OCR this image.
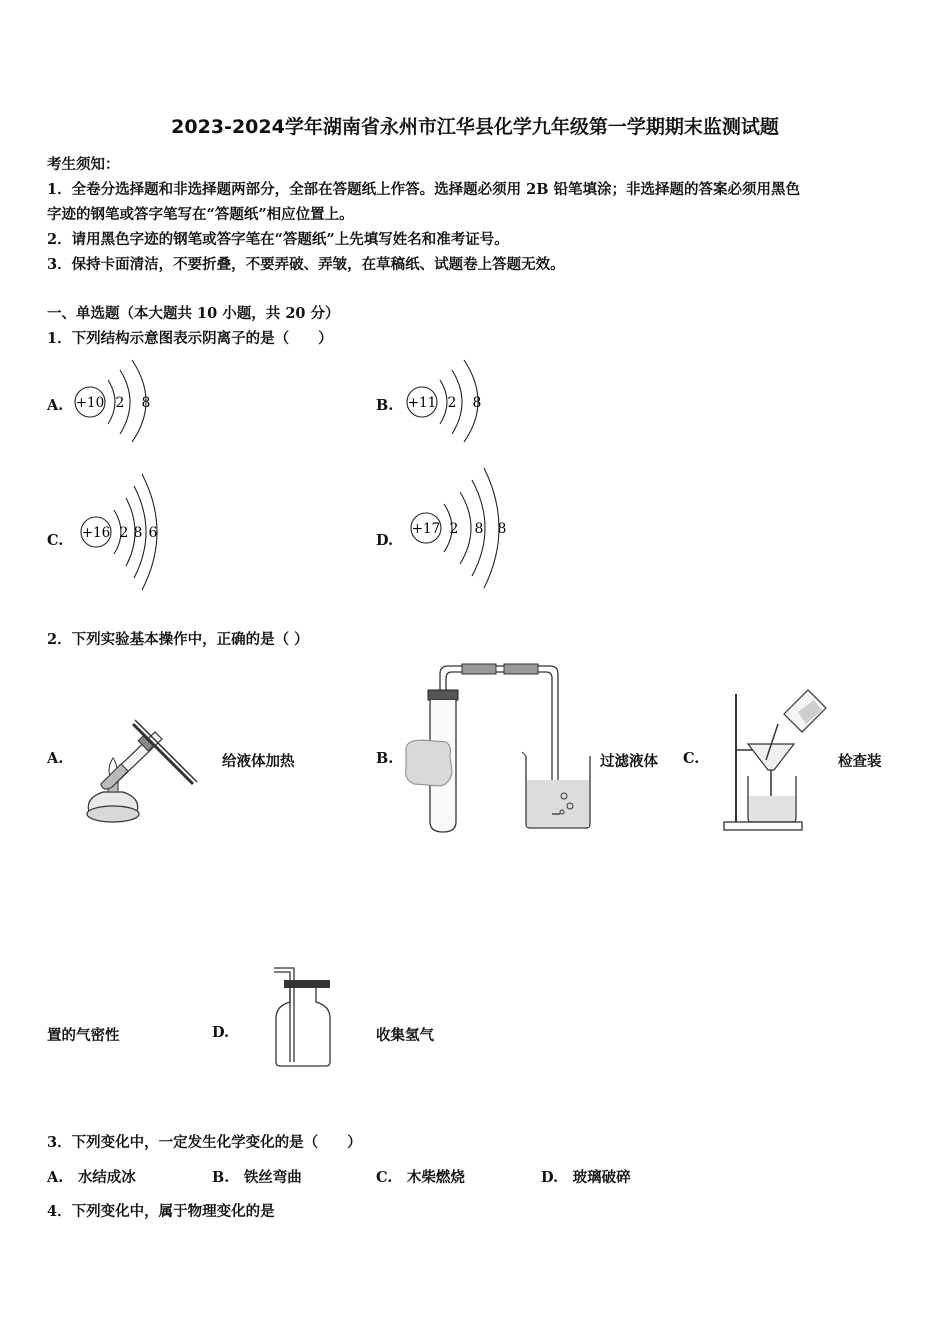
2023-2024学年湖南省永州市江华县化学九年级第一学期期末监测试题
考生须知：
1．全卷分选择题和非选择题两部分，全部在答题纸上作答。选择题必须用 2B 铅笔填涂；非选择题的答案必须用黑色
字迹的钢笔或答字笔写在“答题纸”相应位置上。
2．请用黑色字迹的钢笔或答字笔在“答题纸”上先填写姓名和准考证号。
3．保持卡面清洁，不要折叠，不要弄破、弄皱，在草稿纸、试题卷上答题无效。
一、单选题（本大题共 10 小题，共 20 分）
1．下列结构示意图表示阴离子的是（　　）
A. +10 2 8	B. +11 2 8
C. +16 2 8 6	D.
+17 2 8 8
2．下列实验基本操作中，正确的是（ ）
A.	给液体加热	B.	过滤液体 C.	检查装
置的气密性	D.	收集氢气
3．下列变化中，一定发生化学变化的是（　　）
A.  水结成冰	B.  铁丝弯曲	C.  木柴燃烧	D.  玻璃破碎
4．下列变化中，属于物理变化的是
